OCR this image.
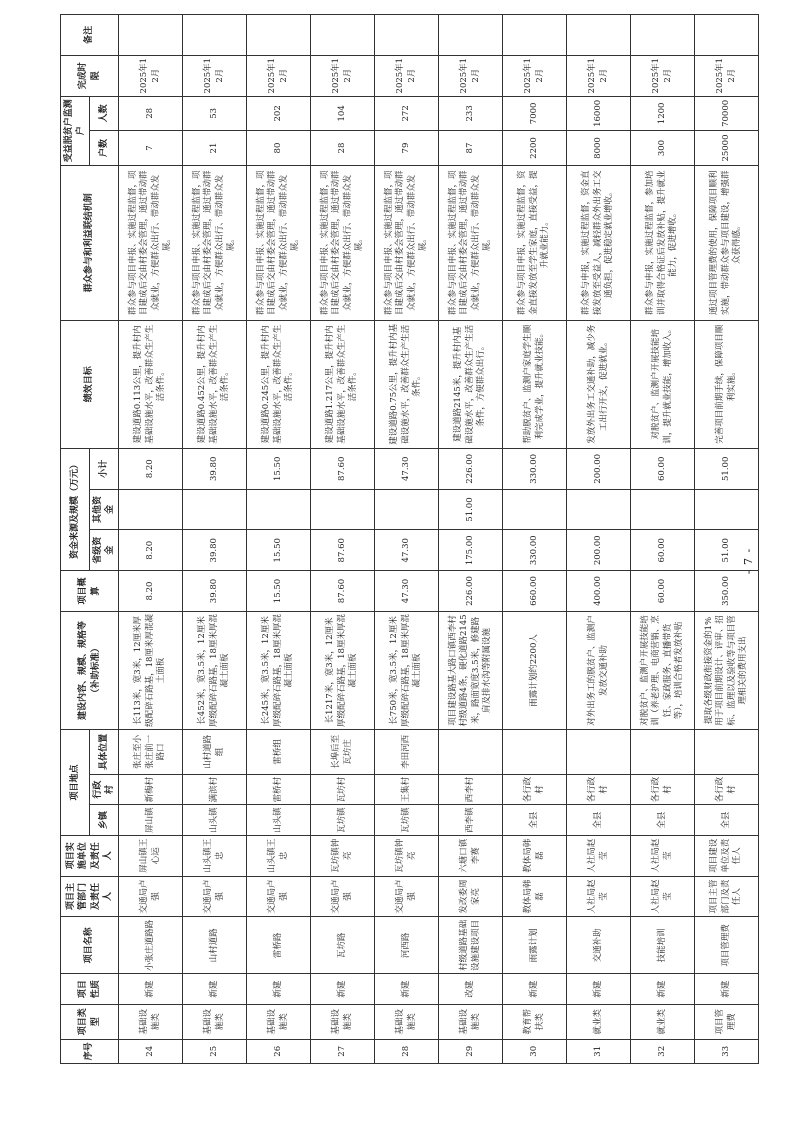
序号	项目类型	项目性质	项目名称	项目主管部门及责任人	项目实施单位及责任人	项目地点			建设内容、规模、规格等（补助标准）	项目概算	资金来源及规模（万元）			绩效目标	群众参与和利益联结机制	受益脱贫户监测户		完成时限	备注
						乡镇	行政村	具体位置			省级资金	其他资金	小计			户数	人数		
24	基础设施类	新建	小张庄道路路	交通局卢强	屏山镇王心运	屏山镇	新梅村	张庄至小张庄前一路口	长113米，宽3米，12厘米厚级配碎石路基，18厘米厚混凝土面板	8.20	8.20		8.20	建设道路0.113公里，提升村内基础设施水平，改善群众生产生活条件。	群众参与项目申报、实施过程监督，项目建成后交由村委会管理，通过带动群众就业，方便群众出行、带动群众发展。	7	28	2025年12月	
25	基础设施类	新建	山村道路	交通局卢强	山头镇王忠	山头镇	满滨村	山村道路组	长452米，宽3.5米，12厘米厚级配碎石路基，18厘米厚混凝土面板	39.80	39.80		39.80	建设道路0.452公里，提升村内基础设施水平，改善群众生产生活条件。	群众参与项目申报、实施过程监督，项目建成后交由村委会管理，通过带动群众就业，方便群众出行、带动群众发展。	21	53	2025年12月	
26	基础设施类	新建	雷桥路	交通局卢强	山头镇王忠	山头镇	雷桥村	雷桥组	长245米，宽3.5米，12厘米厚级配碎石路基，18厘米厚混凝土面板	15.50	15.50		15.50	建设道路0.245公里，提升村内基础设施水平，改善群众生产生活条件。	群众参与项目申报、实施过程监督，项目建成后交由村委会管理，通过带动群众就业，方便群众出行、带动群众发展。	80	202	2025年12月	
27	基础设施类	新建	瓦坊路	交通局卢强	瓦坊镇钟亮	瓦坊镇	瓦坊村	长埠后至瓦坊庄	长1217米，宽3米，12厘米厚级配碎石路基，18厘米厚混凝土面板	87.60	87.60		87.60	建设道路1.217公里，提升村内基础设施水平，改善群众生产生活条件。	群众参与项目申报、实施过程监督，项目建成后交由村委会管理，通过带动群众就业，方便群众出行、带动群众发展。	28	104	2025年12月	
28	基础设施类	新建	河西路	交通局卢强	瓦坊镇钟亮	瓦坊镇	王集村	李田河西	长750米，宽3.5米，12厘米厚级配碎石路基，18厘米厚混凝土面板	47.30	47.30		47.30	建设道路0.75公里，提升村内基础设施水平，改善群众生产生活条件。	群众参与项目申报、实施过程监督，项目建成后交由村委会管理，通过带动群众就业，方便群众出行、带动群众发展。	79	272	2025年12月	
29	基础设施类	改建	村级道路基础设施建设项目	发改委周家亮	六塘口镇李赛	西李镇	西李村		项目建设路基大路口镇西李村村级道路4条，硬化道路2145米，路面宽度3.5米，修建路肩及排水沟等附属设施	226.00	175.00	51.00	226.00	建设道路2145米，提升村内基础设施水平，改善群众生产生活条件，方便群众出行。	群众参与项目申报、实施过程监督，项目建成后交由村委会管理，通过带动群众就业，方便群众出行、带动群众发展。	87	233	2025年12月	
30	教育帮扶类	新建	雨露计划	教体局韩磊	教体局韩磊	全县	各行政村		雨露计划约2200人	660.00	330.00		330.00	帮助脱贫户、监测户家庭学生顺利完成学业，提升就业技能。	群众参与项目申报，实施过程监督，资金直接发放至学生家庭，直接受益，提升就业能力。	2200	7000	2025年12月	
31	就业类	新建	交通补助	人社局赵莹	人社局赵莹	全县	各行政村		对外出务工的脱贫户、监测户发放交通补助	400.00	200.00		200.00	发放外出务工交通补助，减少务工出行开支，促进就业。	群众参与申报，实施过程监督，资金直接发放至受益人，减轻群众外出务工交通负担，促进稳定就业增收。	8000	16000	2025年12月	
32	就业类	新建	技能培训	人社局赵莹	人社局赵莹	全县	各行政村		对脱贫户、监测户开展技能培训（养老护理、电商营销、烹饪、家政服务、直播带货等），培训合格者发放补贴	60.00	60.00		60.00	对脱贫户、监测户开展技能培训，提升就业技能，增加收入。	群众参与申报，实施过程监督，参加培训并取得合格证后发放补贴，提升就业能力，促进增收。	300	1200	2025年12月	
33	项目管理费	新建	项目管理费	项目主管部门及责任人	项目建设单位及责任人	全县	各行政村		提取各级财政衔接资金的1%用于项目前期设计、评审、招标、监理以及验收等与项目管理相关的费用支出	350.00	51.00		51.00	完善项目前期手续，保障项目顺利实施。	通过项目管理费的使用，保障项目顺利实施，带动群众参与项目建设，增强群众获得感。	25000	70000	2025年12月	
- 7 -
